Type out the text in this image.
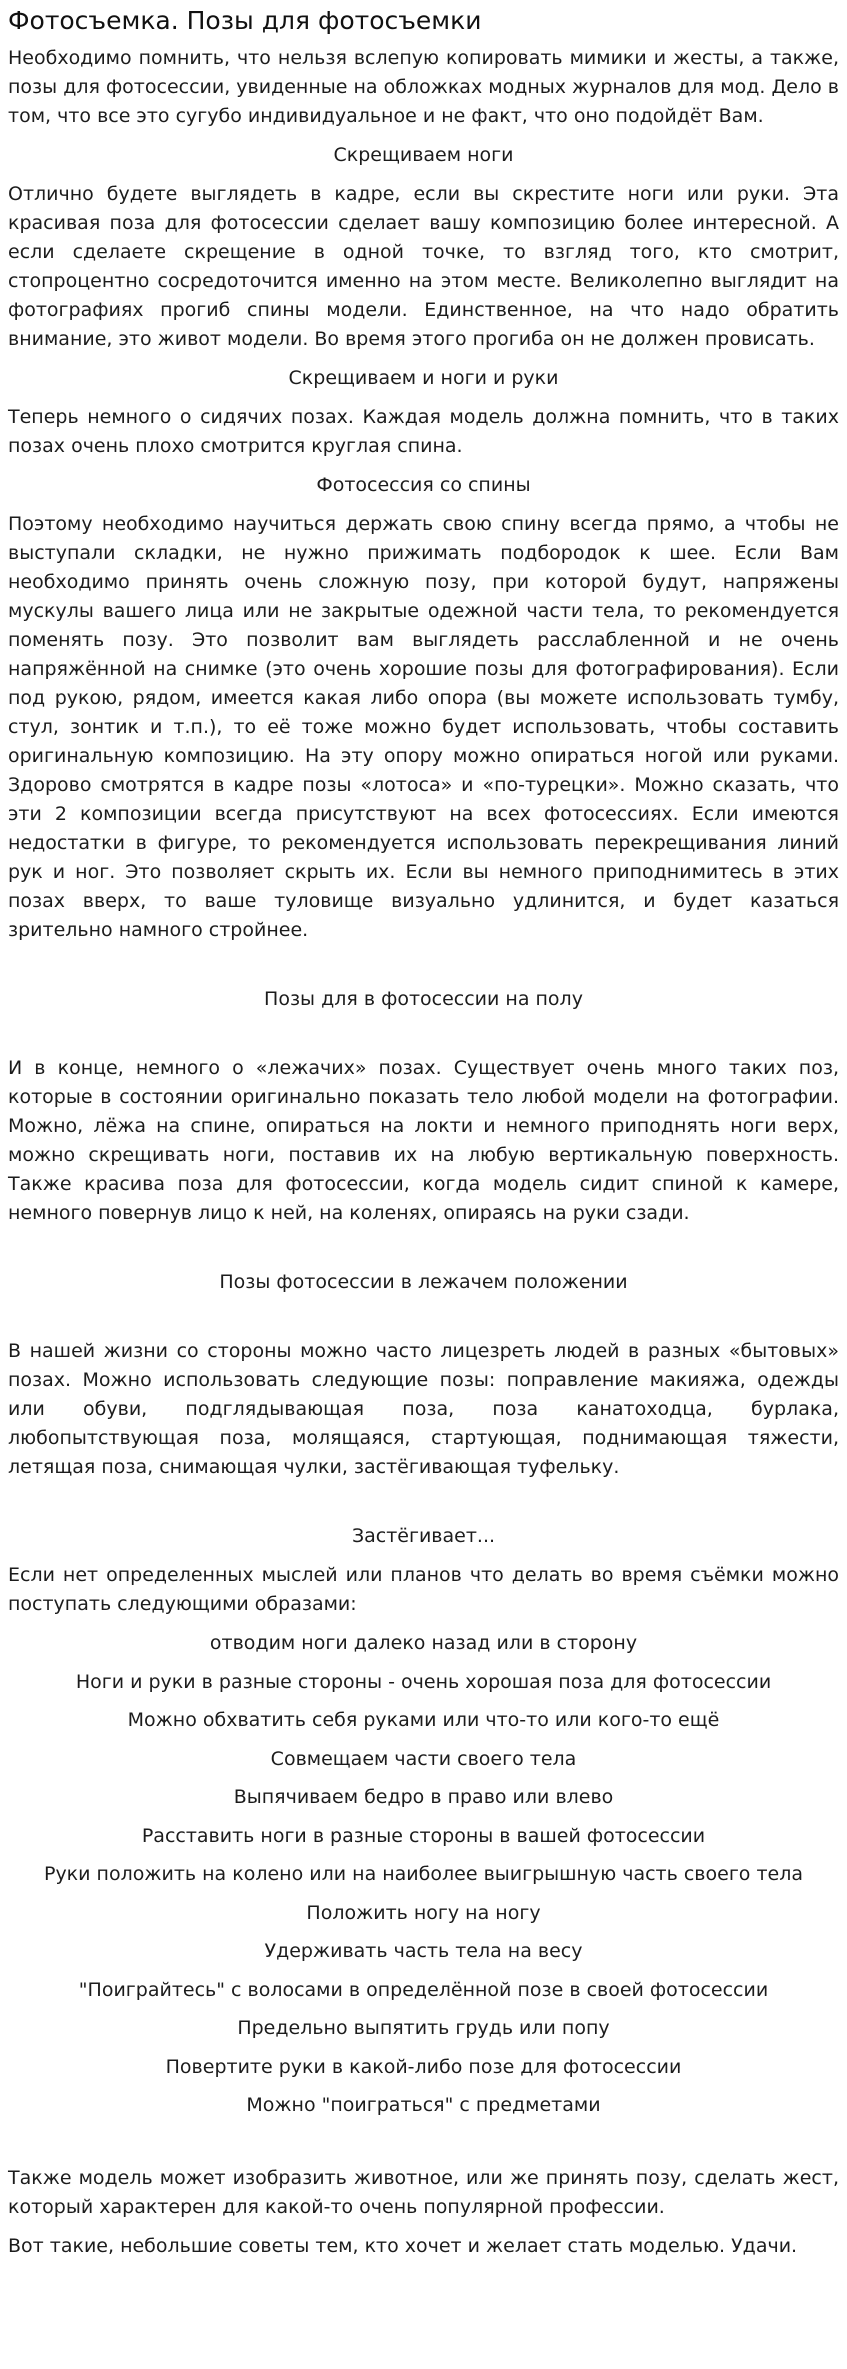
Фотосъемка. Позы для фотосъемки

Необходимо помнить, что нельзя вслепую копировать мимики и жесты, а также, позы для фотосессии, увиденные на обложках модных журналов для мод. Дело в том, что все это сугубо индивидуальное и не факт, что оно подойдёт Вам.

Скрещиваем ноги

Отлично будете выглядеть в кадре, если вы скрестите ноги или руки. Эта красивая поза для фотосессии сделает вашу композицию более интересной. А если сделаете скрещение в одной точке, то взгляд того, кто смотрит, стопроцентно сосредоточится именно на этом месте. Великолепно выглядит на фотографиях прогиб спины модели. Единственное, на что надо обратить внимание, это живот модели. Во время этого прогиба он не должен провисать.

Скрещиваем и ноги и руки

Теперь немного о сидячих позах. Каждая модель должна помнить, что в таких позах очень плохо смотрится круглая спина.

Фотосессия со спины

Поэтому необходимо научиться держать свою спину всегда прямо, а чтобы не выступали складки, не нужно прижимать подбородок к шее. Если Вам необходимо принять очень сложную позу, при которой будут, напряжены мускулы вашего лица или не закрытые одежной части тела, то рекомендуется поменять позу. Это позволит вам выглядеть расслабленной и не очень напряжённой на снимке (это очень хорошие позы для фотографирования). Если под рукою, рядом, имеется какая либо опора (вы можете использовать тумбу, стул, зонтик и т.п.), то её тоже можно будет использовать, чтобы составить оригинальную композицию. На эту опору можно опираться ногой или руками. Здорово смотрятся в кадре позы «лотоса» и «по-турецки». Можно сказать, что эти 2 композиции всегда присутствуют на всех фотосессиях. Если имеются недостатки в фигуре, то рекомендуется использовать перекрещивания линий рук и ног. Это позволяет скрыть их. Если вы немного приподнимитесь в этих позах вверх, то ваше туловище визуально удлинится, и будет казаться зрительно намного стройнее.

Позы для в фотосессии на полу

И в конце, немного о «лежачих» позах. Существует очень много таких поз, которые в состоянии оригинально показать тело любой модели на фотографии. Можно, лёжа на спине, опираться на локти и немного приподнять ноги верх, можно скрещивать ноги, поставив их на любую вертикальную поверхность. Также красива поза для фотосессии, когда модель сидит спиной к камере, немного повернув лицо к ней, на коленях, опираясь на руки сзади.

Позы фотосессии в лежачем положении

В нашей жизни со стороны можно часто лицезреть людей в разных «бытовых» позах. Можно использовать следующие позы: поправление макияжа, одежды или обуви, подглядывающая поза, поза канатоходца, бурлака, любопытствующая поза, молящаяся, стартующая, поднимающая тяжести, летящая поза, снимающая чулки, застёгивающая туфельку.

Застёгивает...

Если нет определенных мыслей или планов что делать во время съёмки можно поступать следующими образами:

отводим ноги далеко назад или в сторону
Ноги и руки в разные стороны - очень хорошая поза для фотосессии
Можно обхватить себя руками или что-то или кого-то ещё
Совмещаем части своего тела
Выпячиваем бедро в право или влево
Расставить ноги в разные стороны в вашей фотосессии
Руки положить на колено или на наиболее выигрышную часть своего тела
Положить ногу на ногу
Удерживать часть тела на весу
"Поиграйтесь" с волосами в определённой позе в своей фотосессии
Предельно выпятить грудь или попу
Повертите руки в какой-либо позе для фотосессии
Можно "поиграться" с предметами

Также модель может изобразить животное, или же принять позу, сделать жест, который характерен для какой-то очень популярной профессии.

Вот такие, небольшие советы тем, кто хочет и желает стать моделью. Удачи.
